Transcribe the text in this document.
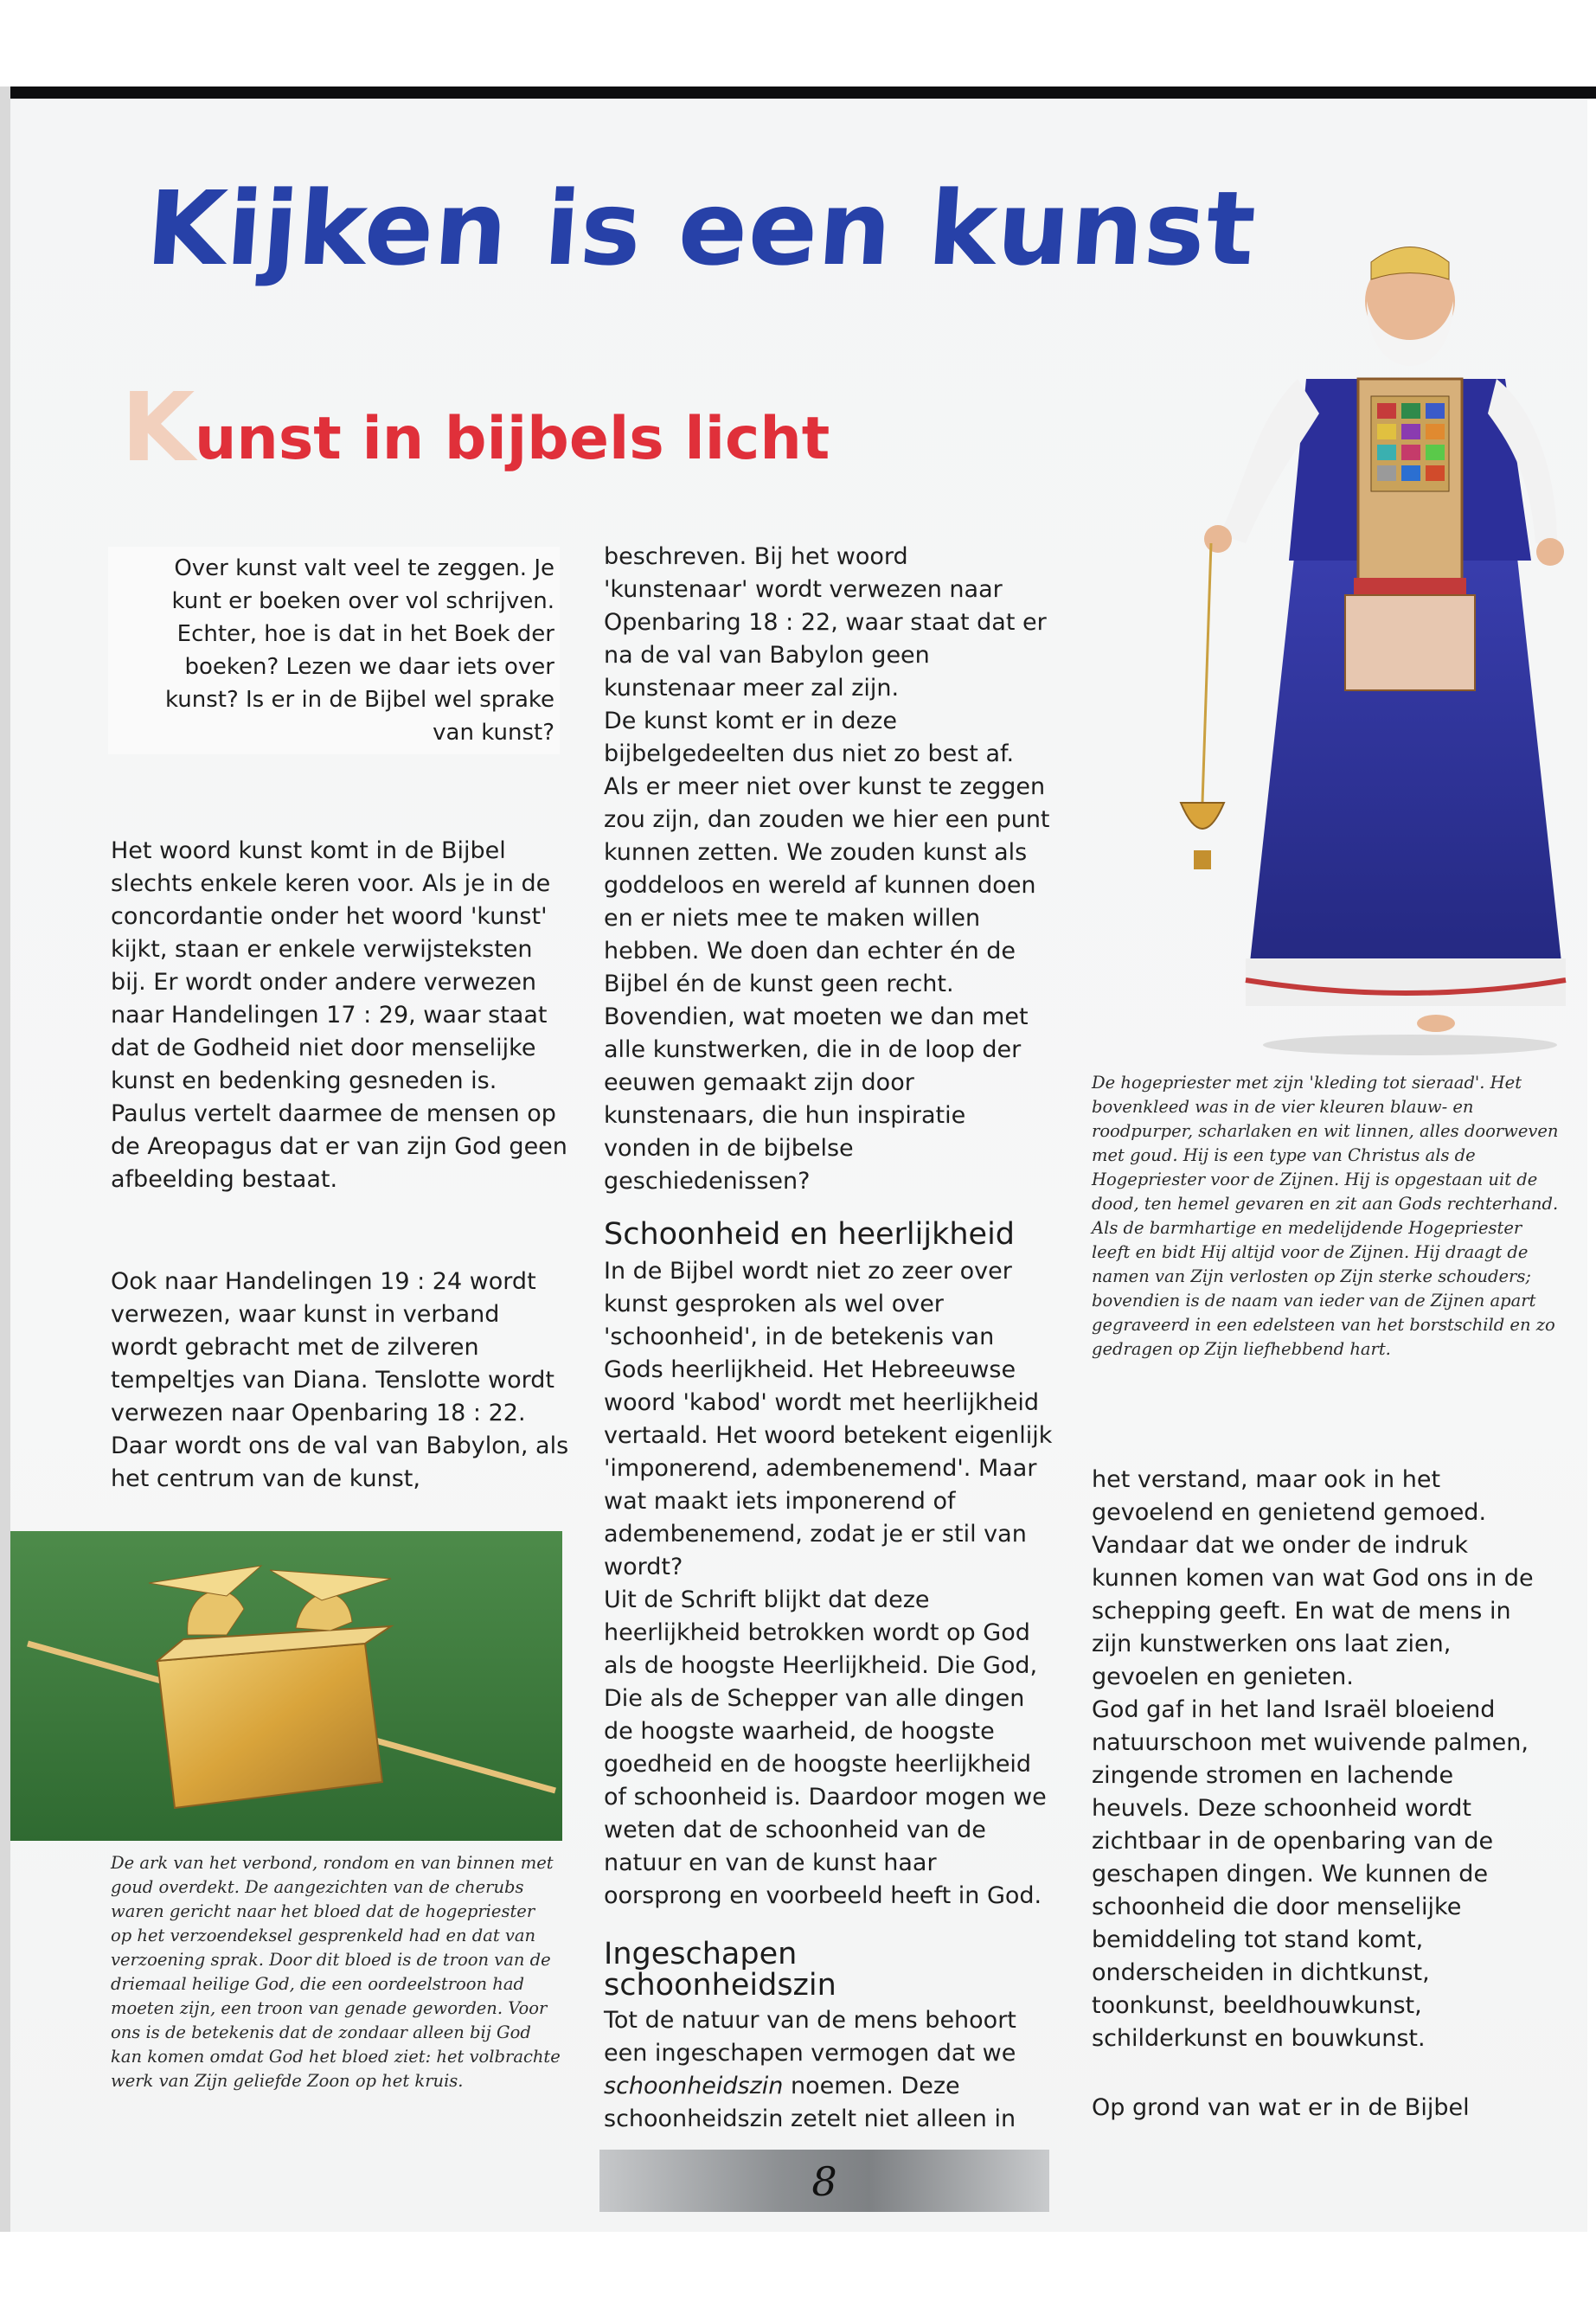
Kijken is een kunst
K unst in bijbels licht
Over kunst valt veel te zeggen. Je
kunt er boeken over vol schrijven.
Echter, hoe is dat in het Boek der
boeken? Lezen we daar iets over
kunst? Is er in de Bijbel wel sprake
van kunst?

Het woord kunst komt in de Bijbel slechts enkele keren voor. Als je in de concordantie onder het woord 'kunst' kijkt, staan er enkele verwijsteksten bij. Er wordt onder andere verwezen naar Handelingen 17 : 29, waar staat dat de Godheid niet door menselijke kunst en bedenking gesneden is. Paulus vertelt daarmee de mensen op de Areopagus dat er van zijn God geen afbeelding bestaat.

Ook naar Handelingen 19 : 24 wordt verwezen, waar kunst in verband wordt gebracht met de zilveren tempeltjes van Diana. Tenslotte wordt verwezen naar Openbaring 18 : 22. Daar wordt ons de val van Babylon, als het centrum van de kunst,

De ark van het verbond, rondom en van binnen met goud overdekt. De aangezichten van de cherubs waren gericht naar het bloed dat de hogepriester op het verzoendeksel gesprenkeld had en dat van verzoening sprak. Door dit bloed is de troon van de driemaal heilige God, die een oordeelstroon had moeten zijn, een troon van genade geworden. Voor ons is de betekenis dat de zondaar alleen bij God kan komen omdat God het bloed ziet: het volbrachte werk van Zijn geliefde Zoon op het kruis.

beschreven. Bij het woord 'kunstenaar' wordt verwezen naar Openbaring 18 : 22, waar staat dat er na de val van Babylon geen kunstenaar meer zal zijn.

De kunst komt er in deze bijbelgedeelten dus niet zo best af. Als er meer niet over kunst te zeggen zou zijn, dan zouden we hier een punt kunnen zetten. We zouden kunst als goddeloos en wereld af kunnen doen en er niets mee te maken willen hebben. We doen dan echter én de Bijbel én de kunst geen recht. Bovendien, wat moeten we dan met alle kunstwerken, die in de loop der eeuwen gemaakt zijn door kunstenaars, die hun inspiratie vonden in de bijbelse geschiedenissen?

Schoonheid en heerlijkheid

In de Bijbel wordt niet zo zeer over kunst gesproken als wel over 'schoonheid', in de betekenis van Gods heerlijkheid. Het Hebreeuwse woord 'kabod' wordt met heerlijkheid vertaald. Het woord betekent eigenlijk 'imponerend, adembenemend'. Maar wat maakt iets imponerend of adembenemend, zodat je er stil van wordt?

Uit de Schrift blijkt dat deze heerlijkheid betrokken wordt op God als de hoogste Heerlijkheid. Die God, Die als de Schepper van alle dingen de hoogste waarheid, de hoogste goedheid en de hoogste heerlijkheid of schoonheid is. Daardoor mogen we weten dat de schoonheid van de natuur en van de kunst haar oorsprong en voorbeeld heeft in God.

Ingeschapen
schoonheidszin

Tot de natuur van de mens behoort een ingeschapen vermogen dat we schoonheidszin noemen. Deze schoonheidszin zetelt niet alleen in

De hogepriester met zijn 'kleding tot sieraad'. Het bovenkleed was in de vier kleuren blauw- en roodpurper, scharlaken en wit linnen, alles doorweven met goud. Hij is een type van Christus als de Hogepriester voor de Zijnen. Hij is opgestaan uit de dood, ten hemel gevaren en zit aan Gods rechterhand. Als de barmhartige en medelijdende Hogepriester leeft en bidt Hij altijd voor de Zijnen. Hij draagt de namen van Zijn verlosten op Zijn sterke schouders; bovendien is de naam van ieder van de Zijnen apart gegraveerd in een edelsteen van het borstschild en zo gedragen op Zijn liefhebbend hart.

het verstand, maar ook in het gevoelend en genietend gemoed. Vandaar dat we onder de indruk kunnen komen van wat God ons in de schepping geeft. En wat de mens in zijn kunstwerken ons laat zien, gevoelen en genieten.

God gaf in het land Israël bloeiend natuurschoon met wuivende palmen, zingende stromen en lachende heuvels. Deze schoonheid wordt zichtbaar in de openbaring van de geschapen dingen. We kunnen de schoonheid die door menselijke bemiddeling tot stand komt, onderscheiden in dichtkunst, toonkunst, beeldhouwkunst, schilderkunst en bouwkunst.

Op grond van wat er in de Bijbel

8
